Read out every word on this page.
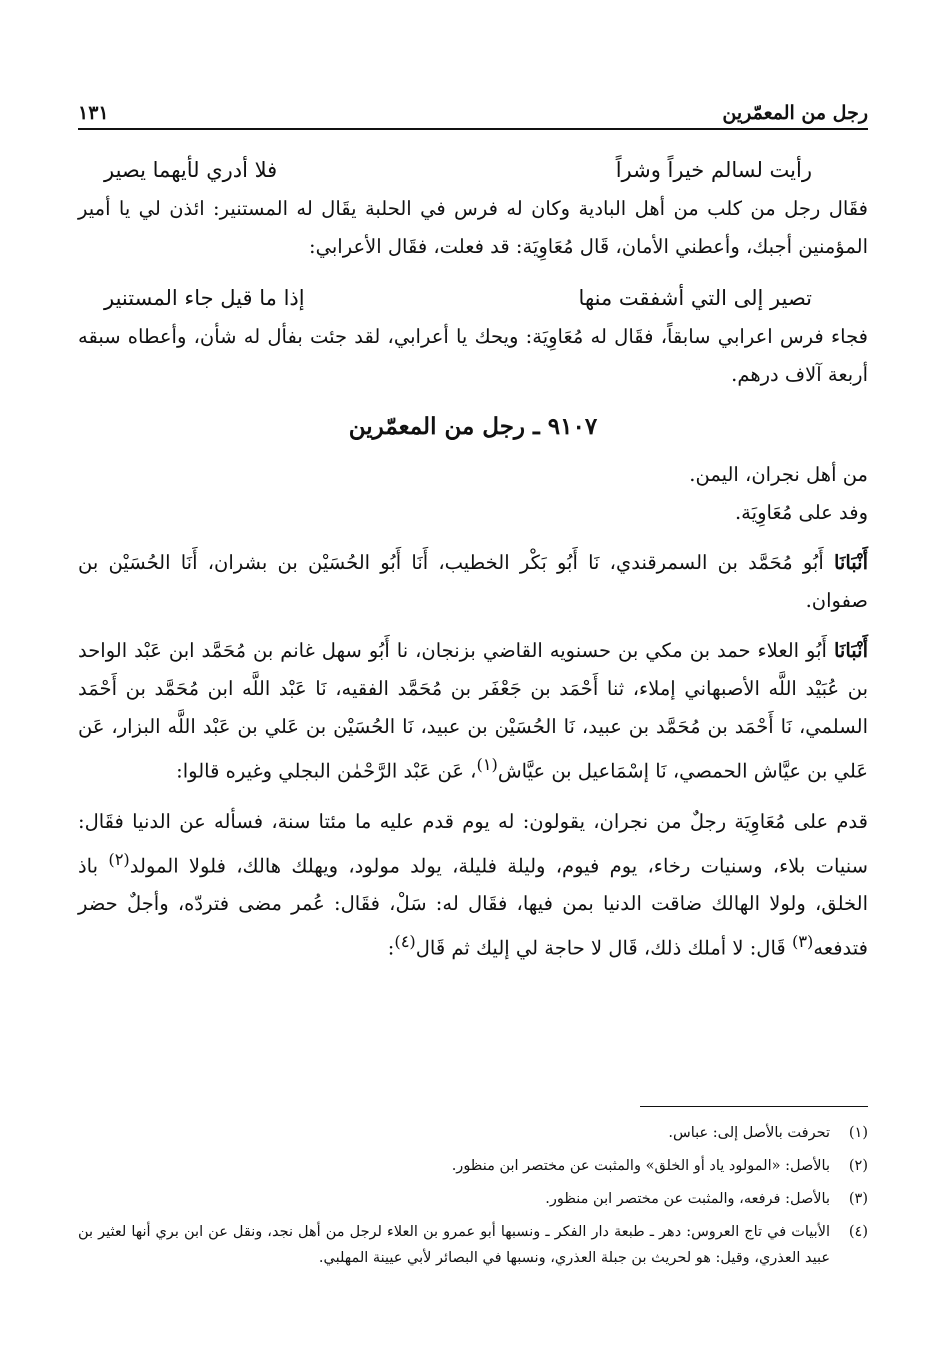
رجل من المعمّرين
١٣١
رأيت لسالم خيراً وشراً
فلا أدري لأيهما يصير

فقَال رجل من كلب من أهل البادية وكان له فرس في الحلبة يقَال له المستنير: ائذن لي يا أمير المؤمنين أجبك، وأعطني الأمان، قَال مُعَاوِيَة: قد فعلت، فقَال الأعرابي:

تصير إلى التي أشفقت منها
إذا ما قيل جاء المستنير

فجاء فرس اعرابي سابقاً، فقَال له مُعَاوِيَة: ويحك يا أعرابي، لقد جئت بفأل له شأن، وأعطاه سبقه أربعة آلاف درهم.

٩١٠٧ ـ رجل من المعمّرين

من أهل نجران، اليمن.

وفد على مُعَاوِيَة.

أَنْبَانَا أَبُو مُحَمَّد بن السمرقندي، نَا أَبُو بَكْر الخطيب، أَنَا أَبُو الحُسَيْن بن بشران، أَنَا الحُسَيْن بن صفوان.

أَنْبَانَا أَبُو العلاء حمد بن مكي بن حسنويه القاضي بزنجان، نا أَبُو سهل غانم بن مُحَمَّد ابن عَبْد الواحد بن عُبَيْد اللَّه الأصبهاني إملاء، ثنا أَحْمَد بن جَعْفَر بن مُحَمَّد الفقيه، نَا عَبْد اللَّه ابن مُحَمَّد بن أَحْمَد السلمي، نَا أَحْمَد بن مُحَمَّد بن عبيد، نَا الحُسَيْن بن عبيد، نَا الحُسَيْن بن عَلي بن عَبْد اللَّه البزار، عَن عَلي بن عيَّاش الحمصي، نَا إسْمَاعيل بن عيَّاش$^{(١)}$، عَن عَبْد الرَّحْمٰن البجلي وغيره قالوا:

قدم على مُعَاوِيَة رجلٌ من نجران، يقولون: له يوم قدم عليه ما مئتا سنة، فسأله عن الدنيا فقَال: سنيات بلاء، وسنيات رخاء، يوم فيوم، وليلة فليلة، يولد مولود، ويهلك هالك، فلولا المولد$^{(٢)}$ باذ الخلق، ولولا الهالك ضاقت الدنيا بمن فيها، فقَال له: سَلْ، فقَال: عُمر مضى فتردّه، وأجلٌ حضر فتدفعه$^{(٣)}$ قَال: لا أملك ذلك، قَال لا حاجة لي إليك ثم قَال$^{(٤)}$:

(١)
تحرفت بالأصل إلى: عباس.
(٢)
بالأصل: «المولود ياد أو الخلق» والمثبت عن مختصر ابن منظور.
(٣)
بالأصل: فرفعه، والمثبت عن مختصر ابن منظور.
(٤)
الأبيات في تاج العروس: دهر ـ طبعة دار الفكر ـ ونسبها أبو عمرو بن العلاء لرجل من أهل نجد، ونقل عن ابن بري أنها لعثير بن عبيد العذري، وقيل: هو لحريث بن جبلة العذري، ونسبها في البصائر لأبي عيينة المهلبي.
